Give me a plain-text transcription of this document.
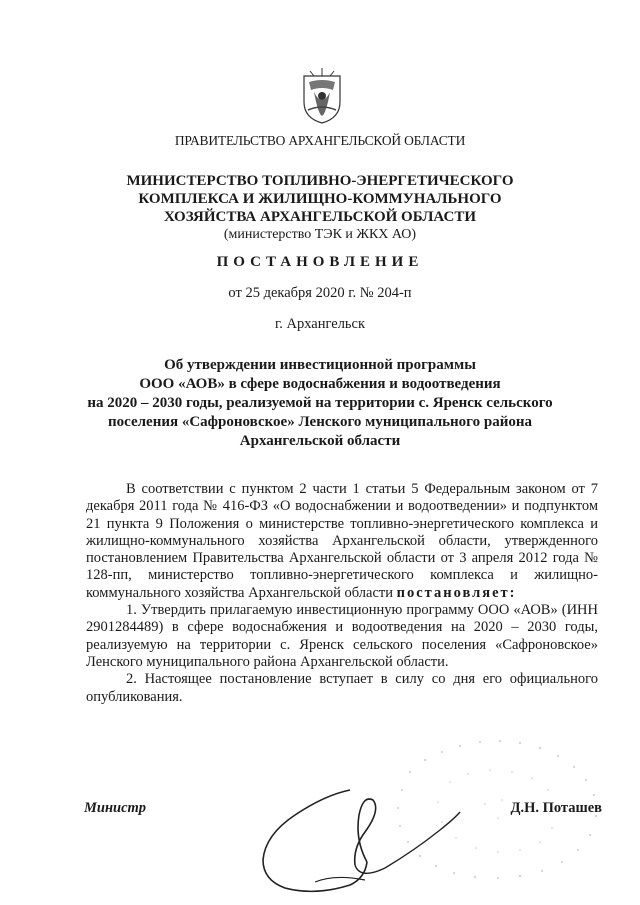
ПРАВИТЕЛЬСТВО АРХАНГЕЛЬСКОЙ ОБЛАСТИ
МИНИСТЕРСТВО ТОПЛИВНО-ЭНЕРГЕТИЧЕСКОГО
КОМПЛЕКСА И ЖИЛИЩНО-КОММУНАЛЬНОГО
ХОЗЯЙСТВА АРХАНГЕЛЬСКОЙ ОБЛАСТИ
(министерство ТЭК и ЖКХ АО)
ПОСТАНОВЛЕНИЕ
от 25 декабря 2020 г. № 204-п
г. Архангельск
Об утверждении инвестиционной программы
ООО «АОВ» в сфере водоснабжения и водоотведения
на 2020 – 2030 годы, реализуемой на территории с. Яренск сельского
поселения «Сафроновское» Ленского муниципального района
Архангельской области

В соответствии с пунктом 2 части 1 статьи 5 Федеральным законом от 7 декабря 2011 года № 416-ФЗ «О водоснабжении и водоотведении» и подпунктом 21 пункта 9 Положения о министерстве топливно-энергетического комплекса и жилищно-коммунального хозяйства Архангельской области, утвержденного постановлением Правительства Архангельской области от 3 апреля 2012 года № 128-пп, министерство топливно-энергетического комплекса и жилищно-коммунального хозяйства Архангельской области постановляет:

1. Утвердить прилагаемую инвестиционную программу ООО «АОВ» (ИНН 2901284489) в сфере водоснабжения и водоотведения на 2020 – 2030 годы, реализуемую на территории с. Яренск сельского поселения «Сафроновское» Ленского муниципального района Архангельской области.

2. Настоящее постановление вступает в силу со дня его официального опубликования.

Министр	Д.Н. Поташев
